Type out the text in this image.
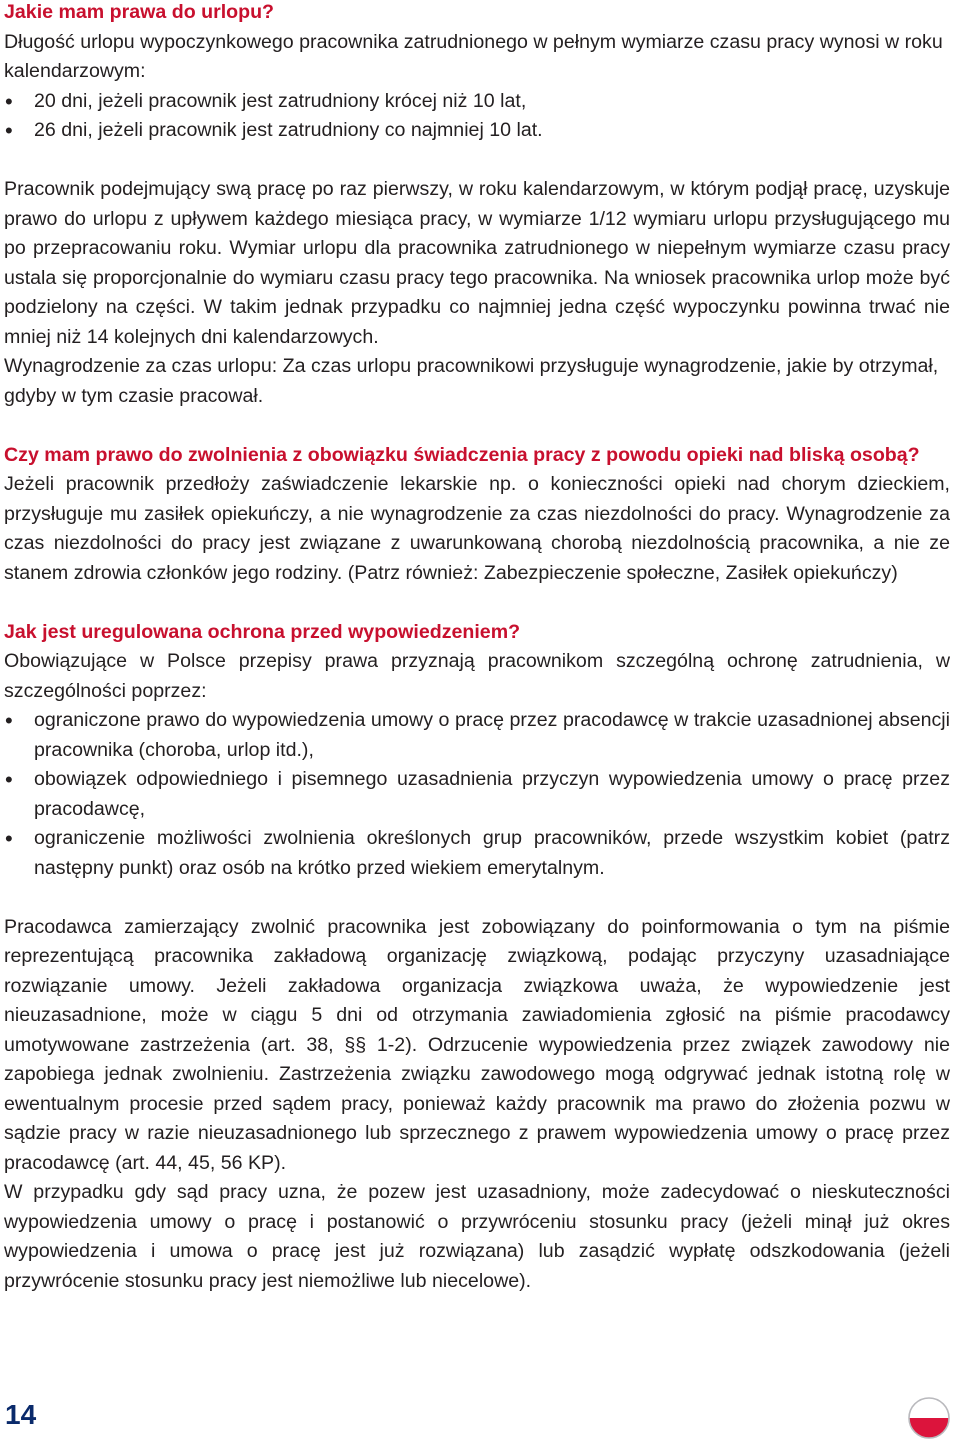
Jakie mam prawa do urlopu?

Długość urlopu wypoczynkowego pracownika zatrudnionego w pełnym wymiarze czasu pracy wynosi w roku kalendarzowym:

• 20 dni, jeżeli pracownik jest zatrudniony krócej niż 10 lat,
• 26 dni, jeżeli pracownik jest zatrudniony co najmniej 10 lat.

Pracownik podejmujący swą pracę po raz pierwszy, w roku kalendarzowym, w którym podjął pracę, uzyskuje prawo do urlopu z upływem każdego miesiąca pracy, w wymiarze 1/12 wymiaru urlopu przysługującego mu po przepracowaniu roku. Wymiar urlopu dla pracownika zatrudnionego w niepełnym wymiarze czasu pracy ustala się proporcjonalnie do wymiaru czasu pracy tego pracownika. Na wniosek pracownika urlop może być podzielony na części. W takim jednak przypadku co najmniej jedna część wypoczynku powinna trwać nie mniej niż 14 kolejnych dni kalendarzowych.

Wynagrodzenie za czas urlopu: Za czas urlopu pracownikowi przysługuje wynagrodzenie, jakie by otrzymał, gdyby w tym czasie pracował.

Czy mam prawo do zwolnienia z obowiązku świadczenia pracy z powodu opieki nad bliską osobą?

Jeżeli pracownik przedłoży zaświadczenie lekarskie np. o konieczności opieki nad chorym dzieckiem, przysługuje mu zasiłek opiekuńczy, a nie wynagrodzenie za czas niezdolności do pracy. Wynagrodzenie za czas niezdolności do pracy jest związane z uwarunkowaną chorobą niezdolnością pracownika, a nie ze stanem zdrowia członków jego rodziny. (Patrz również: Zabezpieczenie społeczne, Zasiłek opiekuńczy)

Jak jest uregulowana ochrona przed wypowiedzeniem?

Obowiązujące w Polsce przepisy prawa przyznają pracownikom szczególną ochronę zatrudnienia, w szczególności poprzez:

• ograniczone prawo do wypowiedzenia umowy o pracę przez pracodawcę w trakcie uzasadnionej absencji pracownika (choroba, urlop itd.),
• obowiązek odpowiedniego i pisemnego uzasadnienia przyczyn wypowiedzenia umowy o pracę przez pracodawcę,
• ograniczenie możliwości zwolnienia określonych grup pracowników, przede wszystkim kobiet (patrz następny punkt) oraz osób na krótko przed wiekiem emerytalnym.

Pracodawca zamierzający zwolnić pracownika jest zobowiązany do poinformowania o tym na piśmie reprezentującą pracownika zakładową organizację związkową, podając przyczyny uzasadniające rozwiązanie umowy. Jeżeli zakładowa organizacja związkowa uważa, że wypowiedzenie jest nieuzasadnione, może w ciągu 5 dni od otrzymania zawiadomienia zgłosić na piśmie pracodawcy umotywowane zastrzeżenia (art. 38, §§ 1-2). Odrzucenie wypowiedzenia przez związek zawodowy nie zapobiega jednak zwolnieniu. Zastrzeżenia związku zawodowego mogą odgrywać jednak istotną rolę w ewentualnym procesie przed sądem pracy, ponieważ każdy pracownik ma prawo do złożenia pozwu w sądzie pracy w razie nieuzasadnionego lub sprzecznego z prawem wypowiedzenia umowy o pracę przez pracodawcę (art. 44, 45, 56 KP).

W przypadku gdy sąd pracy uzna, że pozew jest uzasadniony, może zadecydować o nieskuteczności wypowiedzenia umowy o pracę i postanowić o przywróceniu stosunku pracy (jeżeli minął już okres wypowiedzenia i umowa o pracę jest już rozwiązana) lub zasądzić wypłatę odszkodowania (jeżeli przywrócenie stosunku pracy jest niemożliwe lub niecelowe).

14
